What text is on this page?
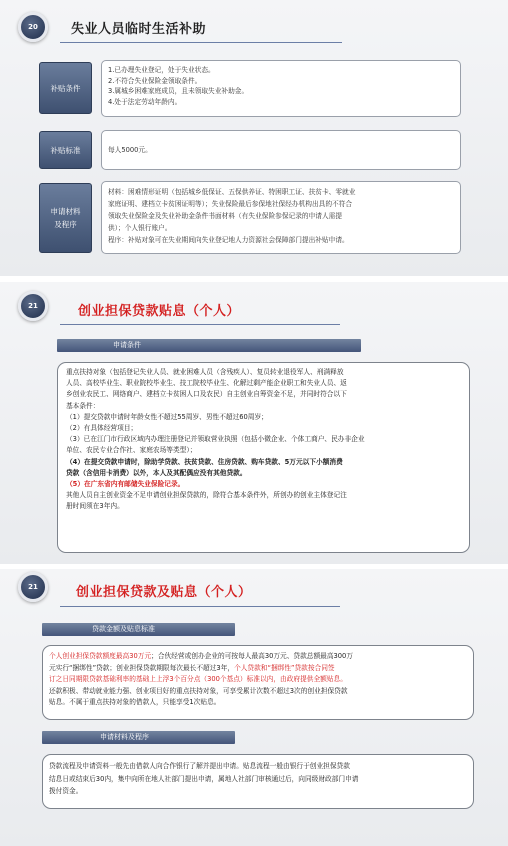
20	失业人员临时生活补助
补贴条件
1.已办理失业登记，处于失业状态。
2.不符合失业保险金领取条件。
3.属城乡困难家庭成员，且未领取失业补助金。
4.处于法定劳动年龄内。
补贴标准	每人5000元。
申请材料
及程序
材料：困难情形证明（包括城乡低保证、五保供养证、特困职工证、扶贫卡、零就业
家庭证明、建档立卡贫困证明等）；失业保险最后参保地社保经办机构出具的不符合
领取失业保险金及失业补助金条件书面材料（有失业保险参保记录的申请人需提
供）；个人银行账户。
程序：补贴对象可在失业期间向失业登记地人力资源社会保障部门提出补贴申请。
21	创业担保贷款贴息（个人）
申请条件
重点扶持对象（包括登记失业人员、就业困难人员（含残疾人）、复员转业退役军人、刑满释放
人员、高校毕业生、职业院校毕业生、技工院校毕业生、化解过剩产能企业职工和失业人员、返
乡创业农民工、网络商户、建档立卡贫困人口及农民）自主创业自筹资金不足，并同时符合以下
基本条件：
（1）提交贷款申请时年龄女性不超过55周岁、男性不超过60周岁；
（2）有具体经营项目；
（3）已在江门市行政区域内办理注册登记并领取营业执照（包括小微企业、个体工商户、民办非企业
单位、农民专业合作社、家庭农场等类型）；
（4）在提交贷款申请时，除助学贷款、扶贫贷款、住房贷款、购车贷款、5万元以下小额消费
贷款（含信用卡消费）以外，本人及其配偶应没有其他贷款。
（5）在广东省内有邮储失业保险记录。
其他人员自主创业资金不足申请创业担保贷款的，除符合基本条件外，所创办的创业主体登记注
册时间须在3年内。
21	创业担保贷款及贴息（个人）
贷款金额及贴息标准
个人创业担保贷款额度最高30万元；合伙经营或创办企业的可按每人最高30万元、贷款总额最高300万
元实行“捆绑性”贷款；创业担保贷款期限每次最长不超过3年，个人贷款和“捆绑性”贷款按合同签
订之日同期限贷款基础利率的基础上上浮3个百分点（300个基点）标准以内，由政府提供全额贴息。
还款积极、带动就业能力强、创业项目好的重点扶持对象，可享受累计次数不超过3次的创业担保贷款
贴息。不属于重点扶持对象的借款人，只能享受1次贴息。
申请材料及程序
贷款流程及申请资料一般先由借款人向合作银行了解并提出申请。贴息流程一般由银行于创业担保贷款
结息日或结束后30内，集中向所在地人社部门提出申请，属地人社部门审核通过后，向同级财政部门申请
拨付资金。
